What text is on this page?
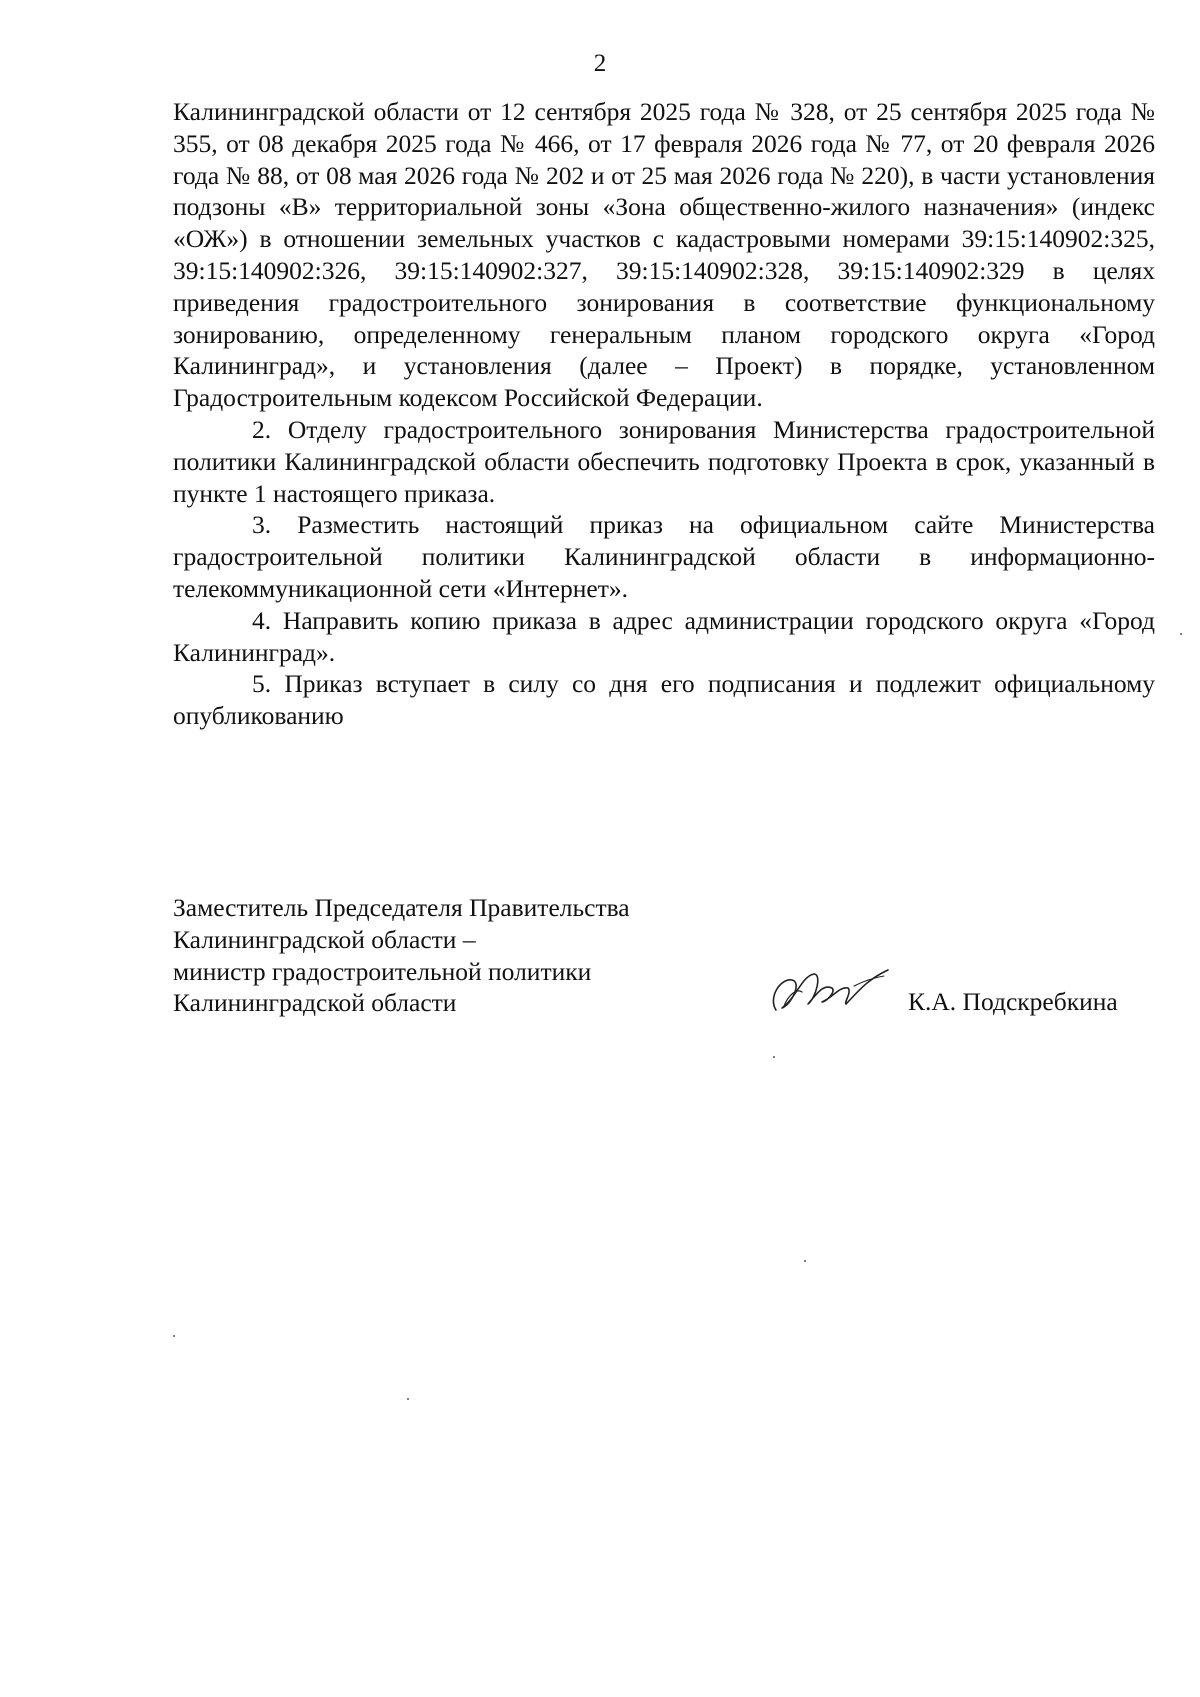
2

Калининградской области от 12 сентября 2025 года № 328, от 25 сентября 2025 года № 355, от 08 декабря 2025 года № 466, от 17 февраля 2026 года № 77, от 20 февраля 2026 года № 88, от 08 мая 2026 года № 202 и от 25 мая 2026 года № 220), в части установления подзоны «В» территориальной зоны «Зона общественно-жилого назначения» (индекс «ОЖ») в отношении земельных участков с кадастровыми номерами 39:15:140902:325, 39:15:140902:326, 39:15:140902:327, 39:15:140902:328, 39:15:140902:329 в целях приведения градостроительного зонирования в соответствие функциональному зонированию, определенному генеральным планом городского округа «Город Калининград», и установления (далее – Проект) в порядке, установленном Градостроительным кодексом Российской Федерации.

2. Отделу градостроительного зонирования Министерства градостроительной политики Калининградской области обеспечить подготовку Проекта в срок, указанный в пункте 1 настоящего приказа.

3. Разместить настоящий приказ на официальном сайте Министерства градостроительной политики Калининградской области в информационно-телекоммуникационной сети «Интернет».

4. Направить копию приказа в адрес администрации городского округа «Город Калининград».

5. Приказ вступает в силу со дня его подписания и подлежит официальному опубликованию

Заместитель Председателя Правительства
Калининградской области –
министр градостроительной политики
Калининградской области	К.А. Подскребкина
